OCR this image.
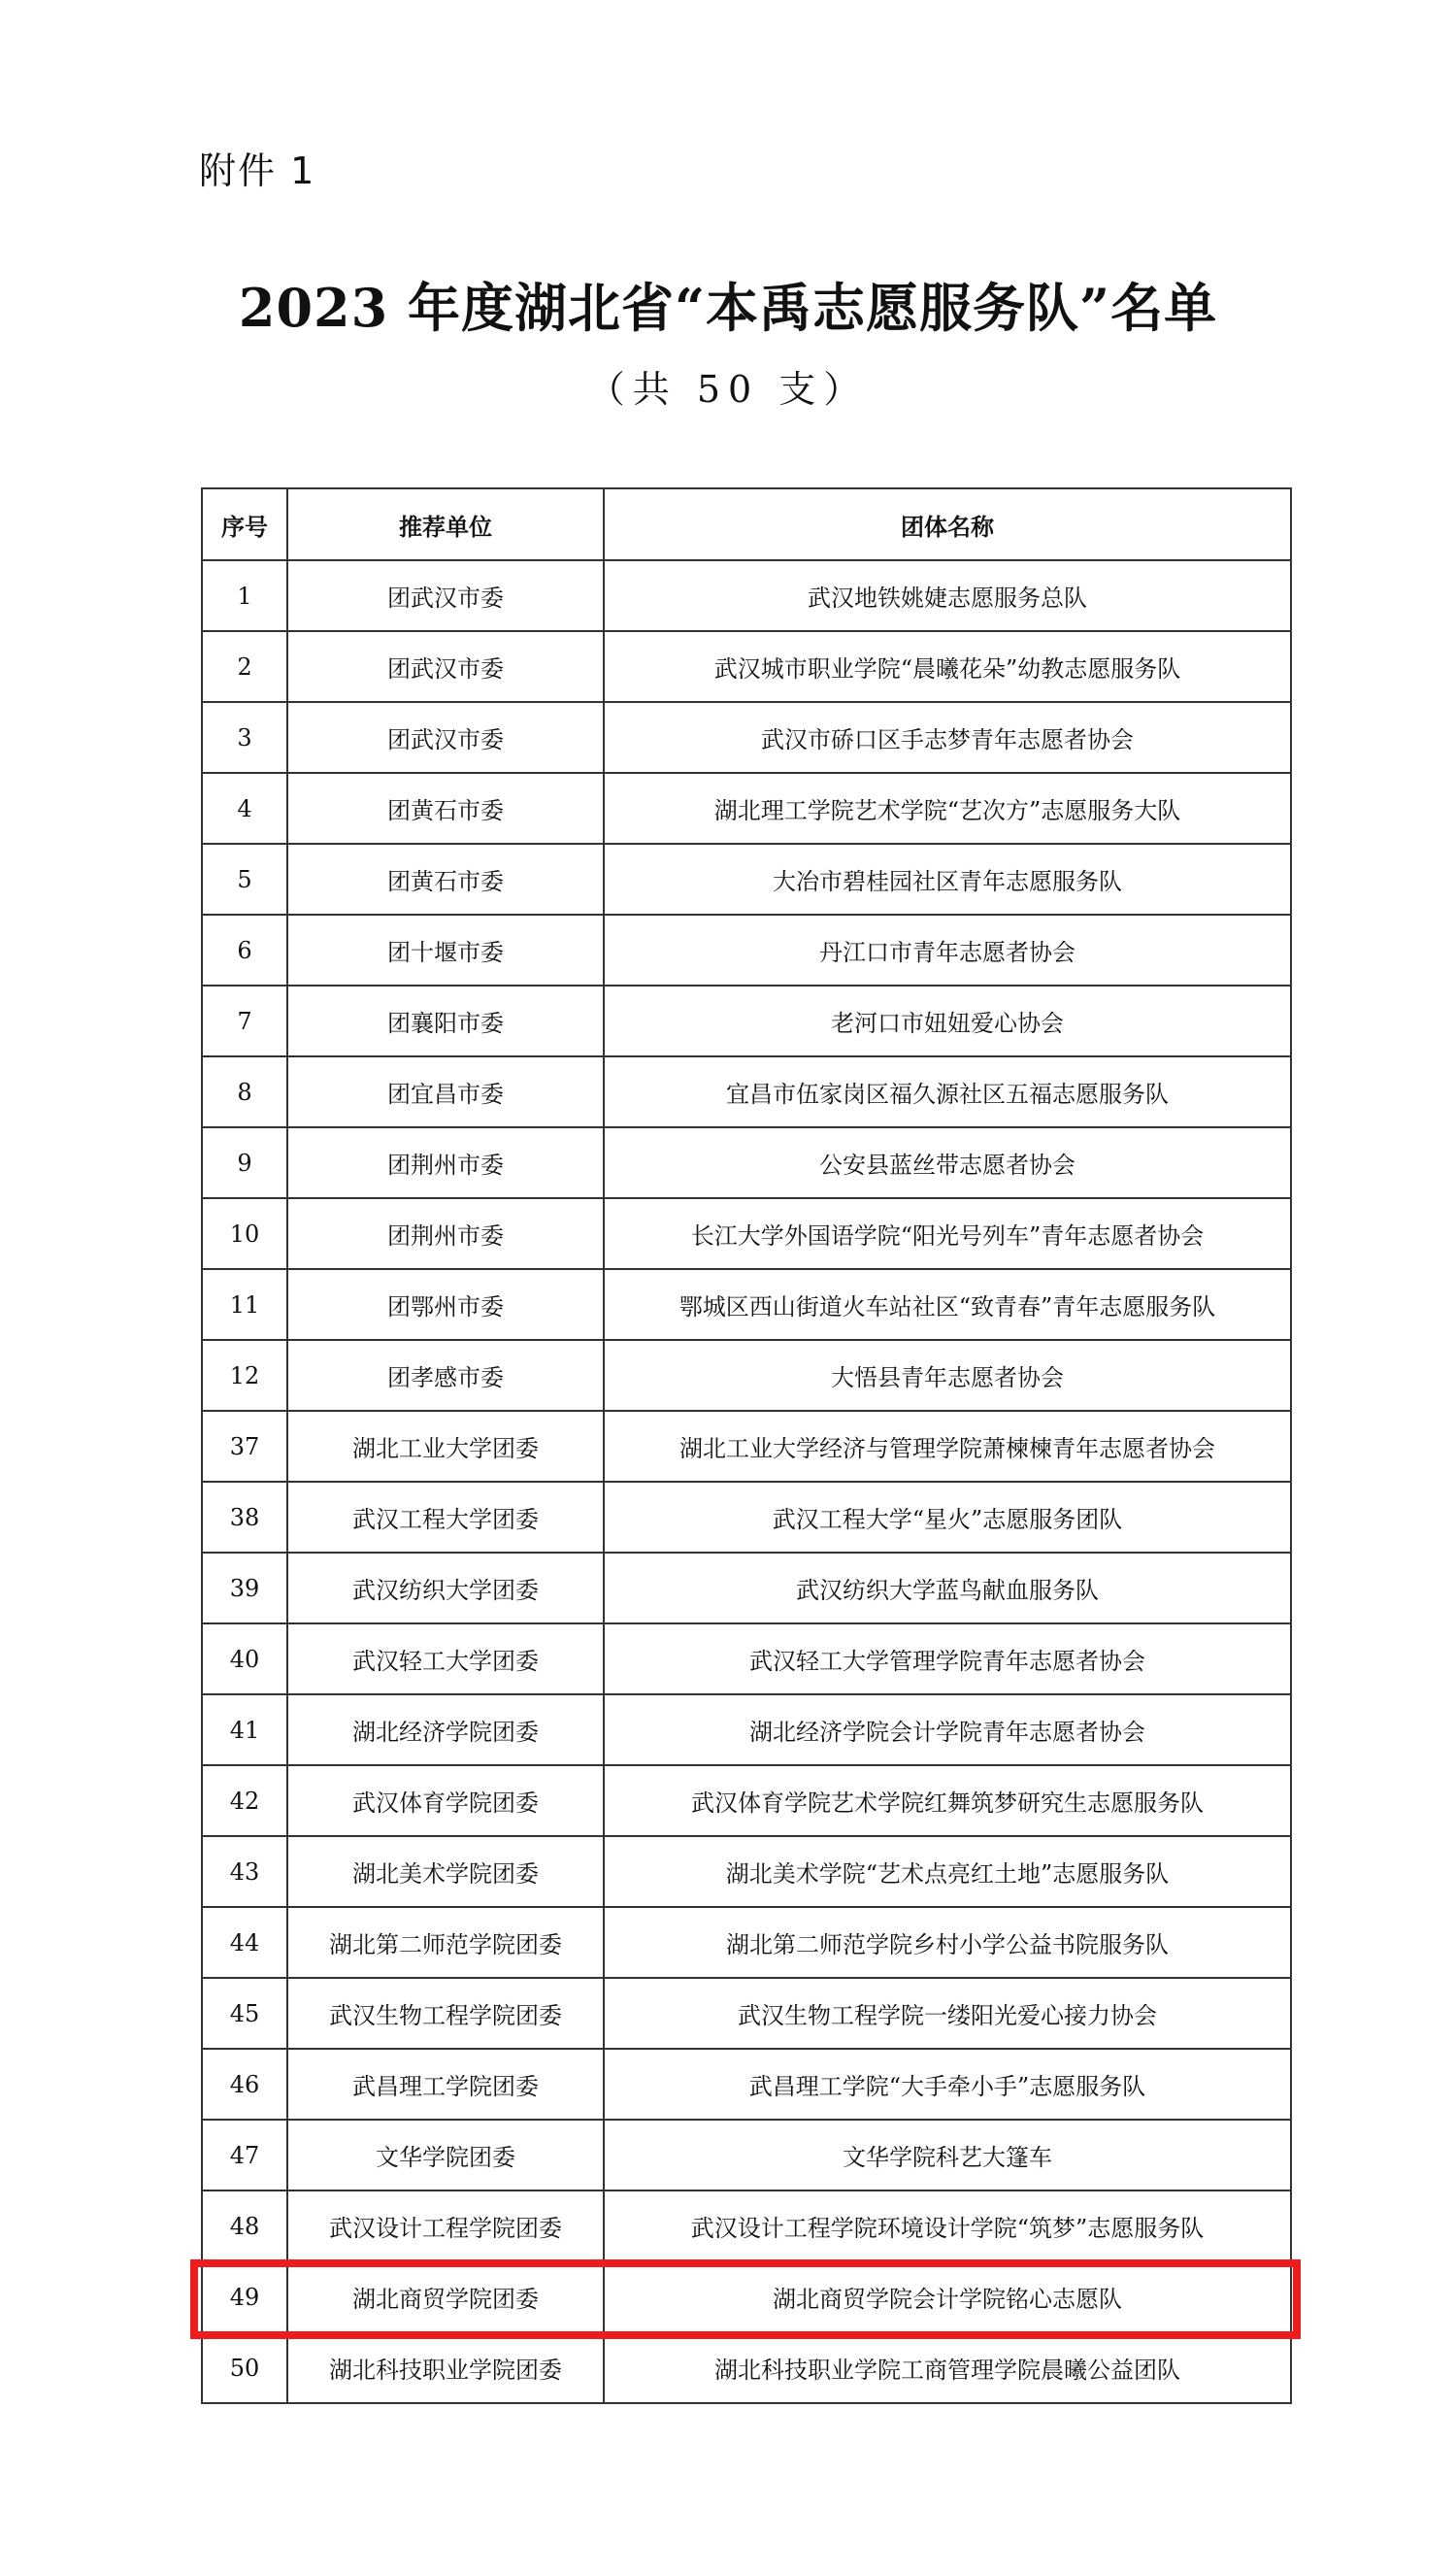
附件 1
2023 年度湖北省“本禹志愿服务队”名单
（共 50 支）
序号	推荐单位	团体名称
1	团武汉市委	武汉地铁姚婕志愿服务总队
2	团武汉市委	武汉城市职业学院“晨曦花朵”幼教志愿服务队
3	团武汉市委	武汉市硚口区手志梦青年志愿者协会
4	团黄石市委	湖北理工学院艺术学院“艺次方”志愿服务大队
5	团黄石市委	大冶市碧桂园社区青年志愿服务队
6	团十堰市委	丹江口市青年志愿者协会
7	团襄阳市委	老河口市妞妞爱心协会
8	团宜昌市委	宜昌市伍家岗区福久源社区五福志愿服务队
9	团荆州市委	公安县蓝丝带志愿者协会
10	团荆州市委	长江大学外国语学院“阳光号列车”青年志愿者协会
11	团鄂州市委	鄂城区西山街道火车站社区“致青春”青年志愿服务队
12	团孝感市委	大悟县青年志愿者协会
37	湖北工业大学团委	湖北工业大学经济与管理学院萧楝楝青年志愿者协会
38	武汉工程大学团委	武汉工程大学“星火”志愿服务团队
39	武汉纺织大学团委	武汉纺织大学蓝鸟献血服务队
40	武汉轻工大学团委	武汉轻工大学管理学院青年志愿者协会
41	湖北经济学院团委	湖北经济学院会计学院青年志愿者协会
42	武汉体育学院团委	武汉体育学院艺术学院红舞筑梦研究生志愿服务队
43	湖北美术学院团委	湖北美术学院“艺术点亮红土地”志愿服务队
44	湖北第二师范学院团委	湖北第二师范学院乡村小学公益书院服务队
45	武汉生物工程学院团委	武汉生物工程学院一缕阳光爱心接力协会
46	武昌理工学院团委	武昌理工学院“大手牵小手”志愿服务队
47	文华学院团委	文华学院科艺大篷车
48	武汉设计工程学院团委	武汉设计工程学院环境设计学院“筑梦”志愿服务队
49	湖北商贸学院团委	湖北商贸学院会计学院铭心志愿队
50	湖北科技职业学院团委	湖北科技职业学院工商管理学院晨曦公益团队
